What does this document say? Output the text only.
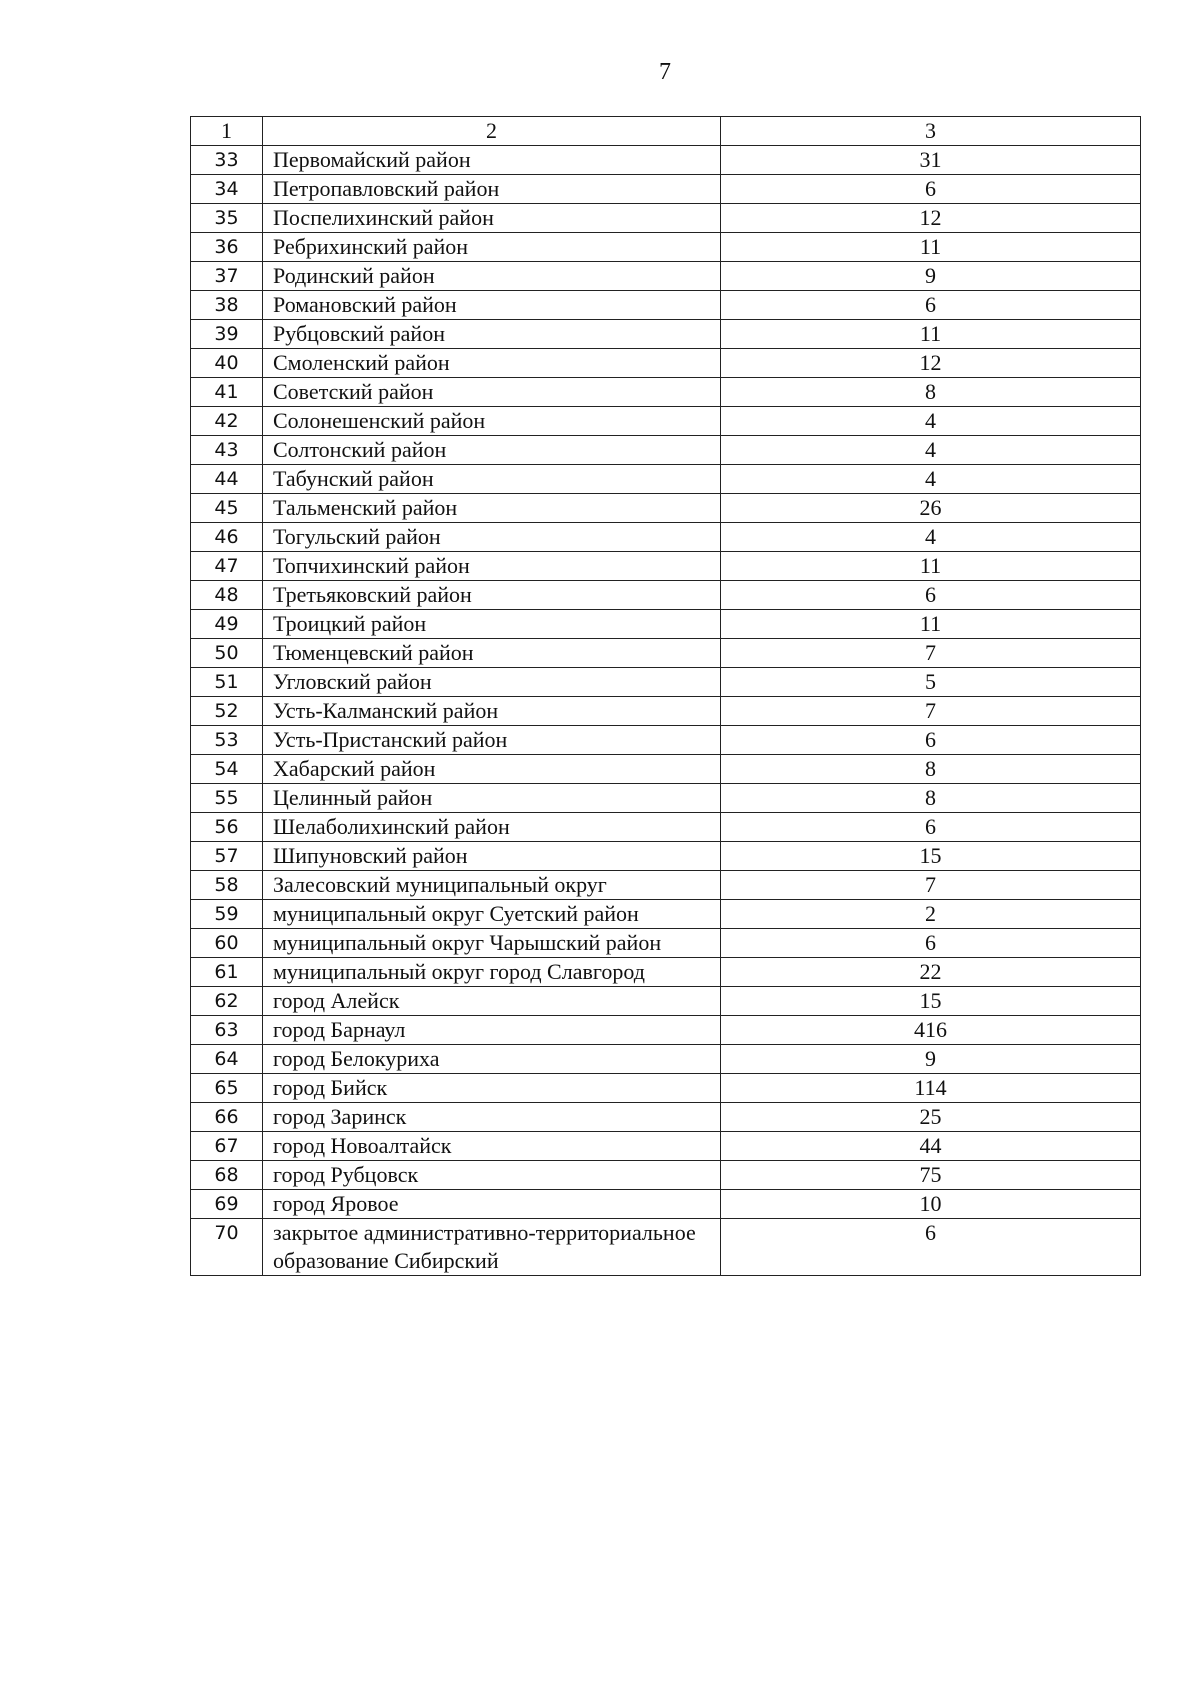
7
1	2	3
33	Первомайский район	31
34	Петропавловский район	6
35	Поспелихинский район	12
36	Ребрихинский район	11
37	Родинский район	9
38	Романовский район	6
39	Рубцовский район	11
40	Смоленский район	12
41	Советский район	8
42	Солонешенский район	4
43	Солтонский район	4
44	Табунский район	4
45	Тальменский район	26
46	Тогульский район	4
47	Топчихинский район	11
48	Третьяковский район	6
49	Троицкий район	11
50	Тюменцевский район	7
51	Угловский район	5
52	Усть-Калманский район	7
53	Усть-Пристанский район	6
54	Хабарский район	8
55	Целинный район	8
56	Шелаболихинский район	6
57	Шипуновский район	15
58	Залесовский муниципальный округ	7
59	муниципальный округ Суетский район	2
60	муниципальный округ Чарышский район	6
61	муниципальный округ город Славгород	22
62	город Алейск	15
63	город Барнаул	416
64	город Белокуриха	9
65	город Бийск	114
66	город Заринск	25
67	город Новоалтайск	44
68	город Рубцовск	75
69	город Яровое	10
70	закрытое административно-территориальное образование Сибирский	6
